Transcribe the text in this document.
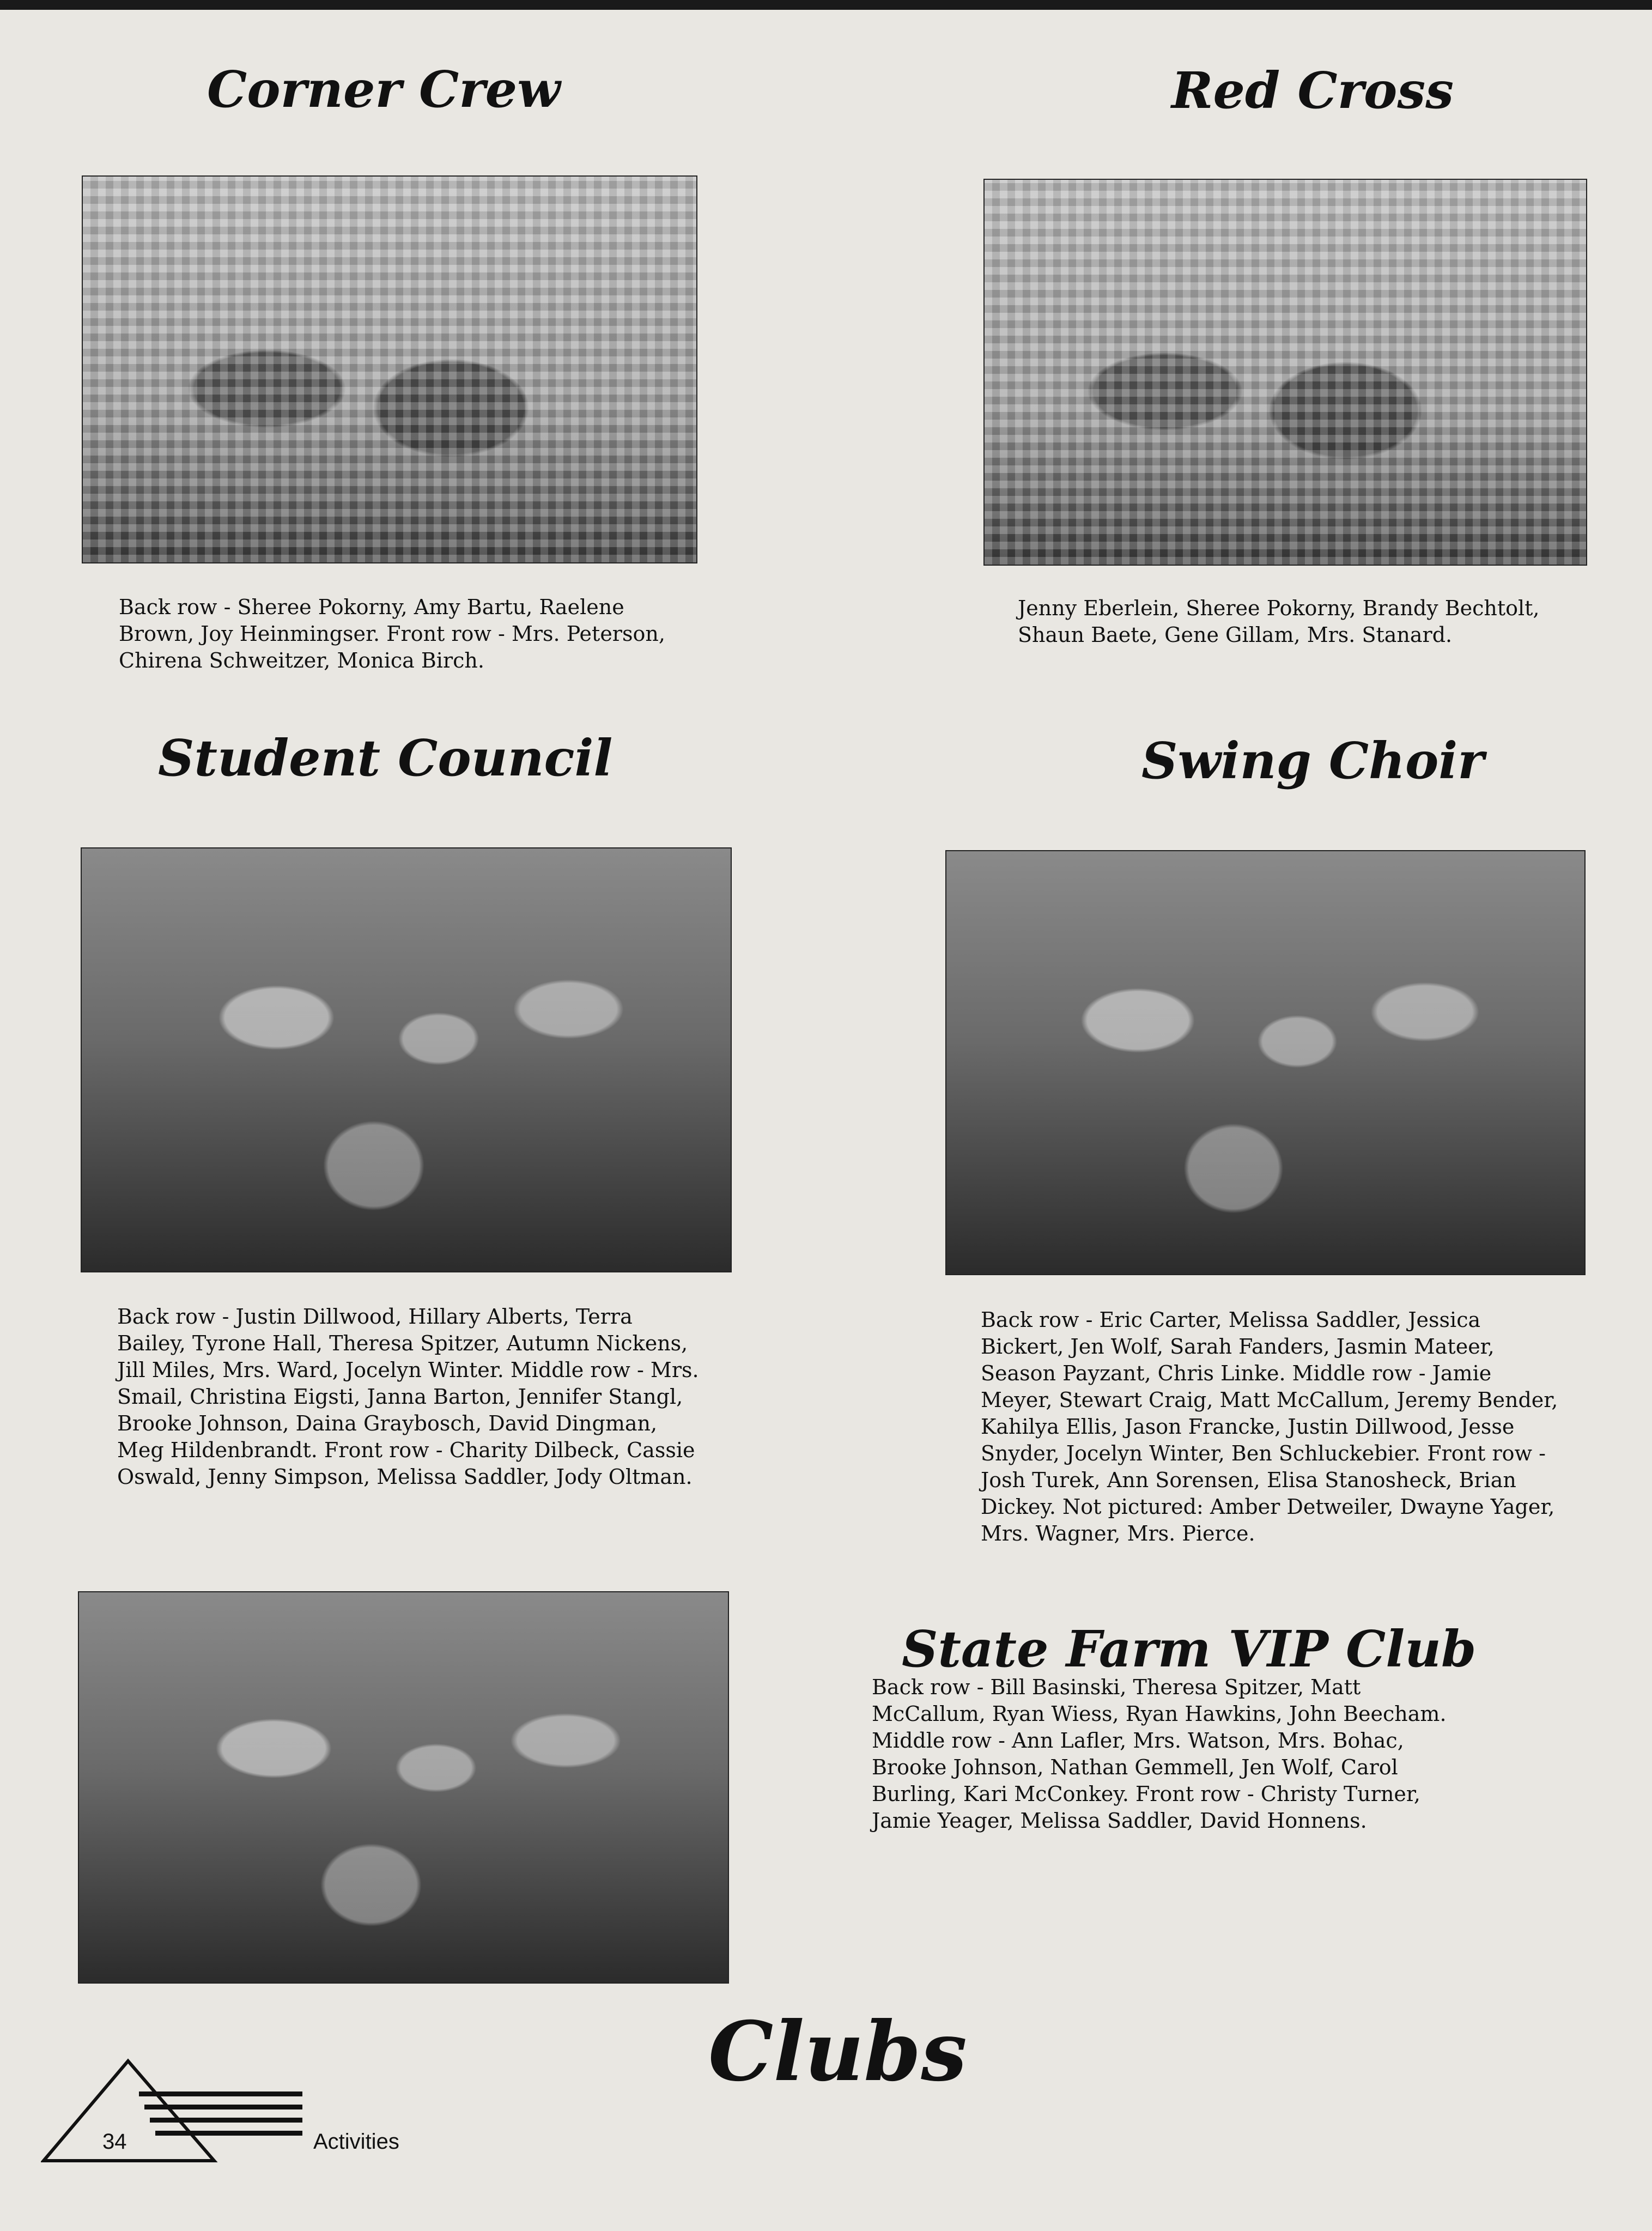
Corner Crew

Back row - Sheree Pokorny, Amy Bartu, Raelene Brown, Joy Heinmingser. Front row - Mrs. Peterson, Chirena Schweitzer, Monica Birch.

Red Cross

Jenny Eberlein, Sheree Pokorny, Brandy Bechtolt, Shaun Baete, Gene Gillam, Mrs. Stanard.

Student Council

Back row - Justin Dillwood, Hillary Alberts, Terra Bailey, Tyrone Hall, Theresa Spitzer, Autumn Nickens, Jill Miles, Mrs. Ward, Jocelyn Winter. Middle row - Mrs. Smail, Christina Eigsti, Janna Barton, Jennifer Stangl, Brooke Johnson, Daina Graybosch, David Dingman, Meg Hildenbrandt. Front row - Charity Dilbeck, Cassie Oswald, Jenny Simpson, Melissa Saddler, Jody Oltman.

Swing Choir

Back row - Eric Carter, Melissa Saddler, Jessica Bickert, Jen Wolf, Sarah Fanders, Jasmin Mateer, Season Payzant, Chris Linke. Middle row - Jamie Meyer, Stewart Craig, Matt McCallum, Jeremy Bender, Kahilya Ellis, Jason Francke, Justin Dillwood, Jesse Snyder, Jocelyn Winter, Ben Schluckebier. Front row - Josh Turek, Ann Sorensen, Elisa Stanosheck, Brian Dickey. Not pictured: Amber Detweiler, Dwayne Yager, Mrs. Wagner, Mrs. Pierce.

State Farm VIP Club

Back row - Bill Basinski, Theresa Spitzer, Matt McCallum, Ryan Wiess, Ryan Hawkins, John Beecham. Middle row - Ann Lafler, Mrs. Watson, Mrs. Bohac, Brooke Johnson, Nathan Gemmell, Jen Wolf, Carol Burling, Kari McConkey. Front row - Christy Turner, Jamie Yeager, Melissa Saddler, David Honnens.

Clubs
34	Activities
